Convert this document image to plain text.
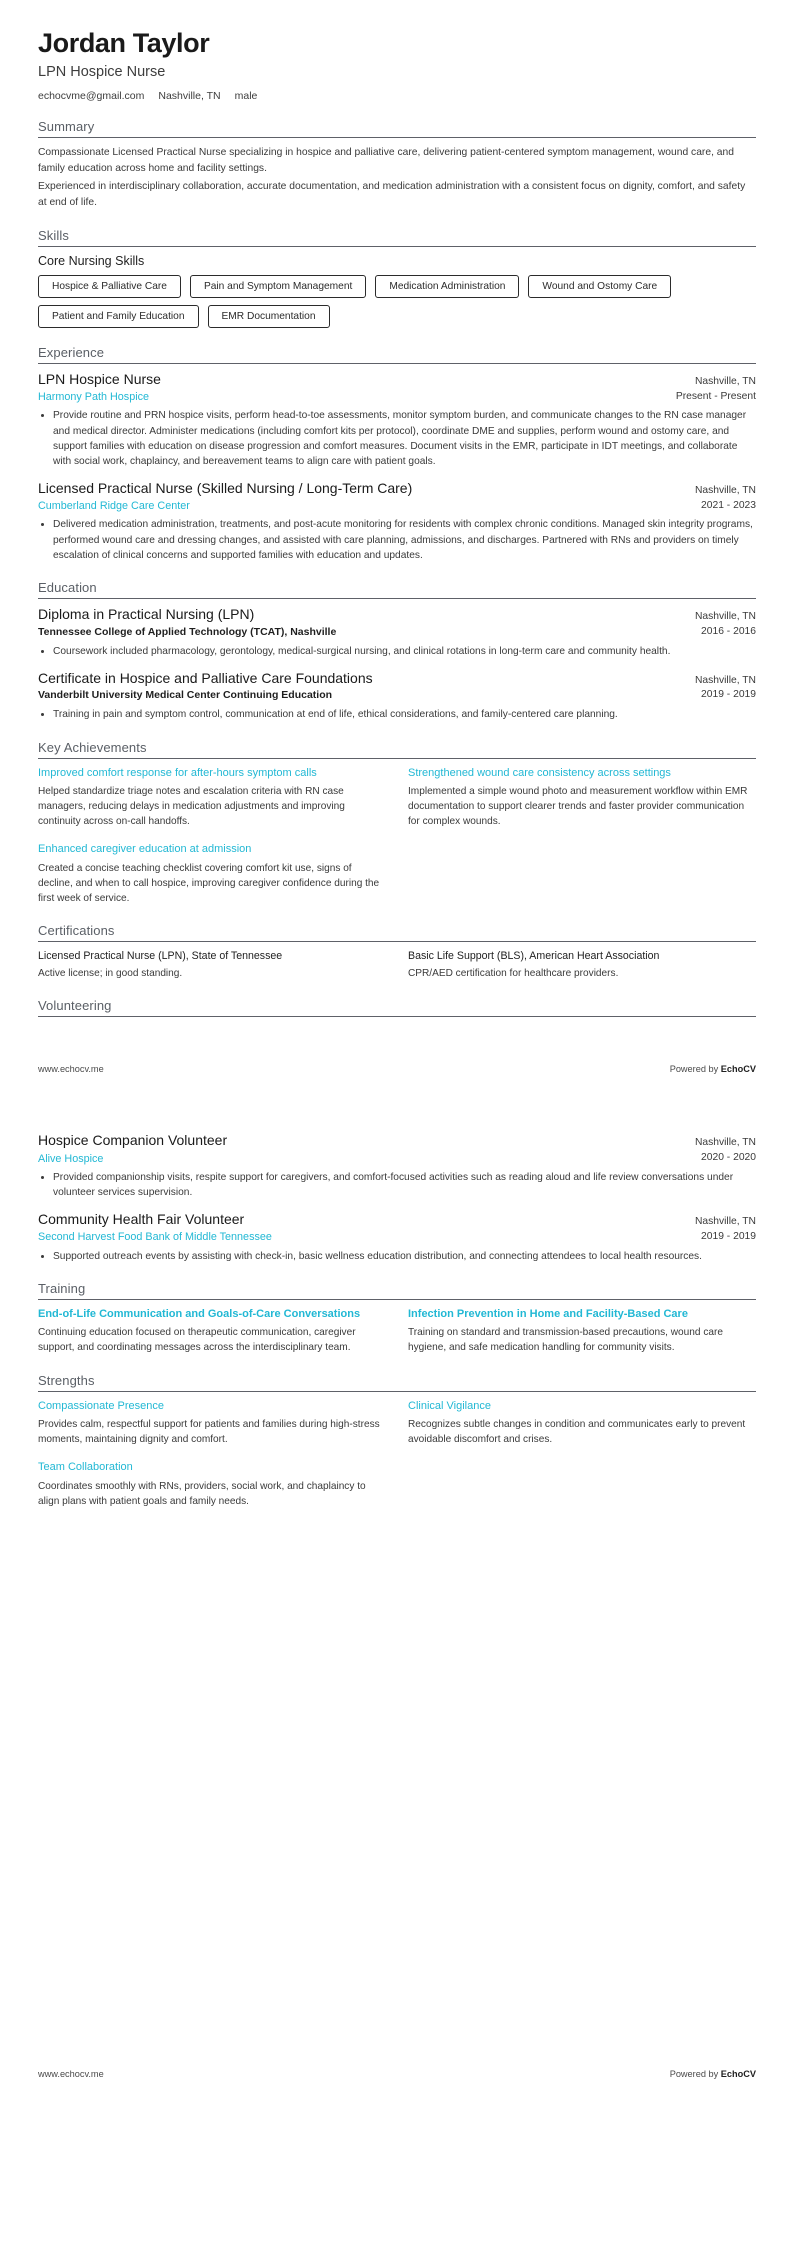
Jordan Taylor
LPN Hospice Nurse
echocvme@gmail.com Nashville, TN male
Summary

Compassionate Licensed Practical Nurse specializing in hospice and palliative care, delivering patient-centered symptom management, wound care, and family education across home and facility settings.

Experienced in interdisciplinary collaboration, accurate documentation, and medication administration with a consistent focus on dignity, comfort, and safety at end of life.

Skills
Core Nursing Skills
Hospice & Palliative Care	Pain and Symptom Management	Medication Administration	Wound and Ostomy Care
Patient and Family Education	EMR Documentation
Experience
LPN Hospice Nurse
Harmony Path Hospice
Nashville, TN
Present - Present
• Provide routine and PRN hospice visits, perform head-to-toe assessments, monitor symptom burden, and communicate changes to the RN case manager and medical director. Administer medications (including comfort kits per protocol), coordinate DME and supplies, perform wound and ostomy care, and support families with education on disease progression and comfort measures. Document visits in the EMR, participate in IDT meetings, and collaborate with social work, chaplaincy, and bereavement teams to align care with patient goals.
Licensed Practical Nurse (Skilled Nursing / Long-Term Care)
Cumberland Ridge Care Center
Nashville, TN
2021 - 2023
• Delivered medication administration, treatments, and post-acute monitoring for residents with complex chronic conditions. Managed skin integrity programs, performed wound care and dressing changes, and assisted with care planning, admissions, and discharges. Partnered with RNs and providers on timely escalation of clinical concerns and supported families with education and updates.
Education
Diploma in Practical Nursing (LPN)
Tennessee College of Applied Technology (TCAT), Nashville
Nashville, TN
2016 - 2016
• Coursework included pharmacology, gerontology, medical-surgical nursing, and clinical rotations in long-term care and community health.
Certificate in Hospice and Palliative Care Foundations
Vanderbilt University Medical Center Continuing Education
Nashville, TN
2019 - 2019
• Training in pain and symptom control, communication at end of life, ethical considerations, and family-centered care planning.
Key Achievements
Improved comfort response for after-hours symptom calls
Helped standardize triage notes and escalation criteria with RN case managers, reducing delays in medication adjustments and improving continuity across on-call handoffs.
Strengthened wound care consistency across settings
Implemented a simple wound photo and measurement workflow within EMR documentation to support clearer trends and faster provider communication for complex wounds.
Enhanced caregiver education at admission
Created a concise teaching checklist covering comfort kit use, signs of decline, and when to call hospice, improving caregiver confidence during the first week of service.
Certifications
Licensed Practical Nurse (LPN), State of Tennessee
Active license; in good standing.
Basic Life Support (BLS), American Heart Association
CPR/AED certification for healthcare providers.
Volunteering
www.echocv.me	Powered by EchoCV
Hospice Companion Volunteer
Alive Hospice
Nashville, TN
2020 - 2020
• Provided companionship visits, respite support for caregivers, and comfort-focused activities such as reading aloud and life review conversations under volunteer services supervision.
Community Health Fair Volunteer
Second Harvest Food Bank of Middle Tennessee
Nashville, TN
2019 - 2019
• Supported outreach events by assisting with check-in, basic wellness education distribution, and connecting attendees to local health resources.
Training
End-of-Life Communication and Goals-of-Care Conversations
Continuing education focused on therapeutic communication, caregiver support, and coordinating messages across the interdisciplinary team.
Infection Prevention in Home and Facility-Based Care
Training on standard and transmission-based precautions, wound care hygiene, and safe medication handling for community visits.
Strengths
Compassionate Presence
Provides calm, respectful support for patients and families during high-stress moments, maintaining dignity and comfort.
Clinical Vigilance
Recognizes subtle changes in condition and communicates early to prevent avoidable discomfort and crises.
Team Collaboration
Coordinates smoothly with RNs, providers, social work, and chaplaincy to align plans with patient goals and family needs.
www.echocv.me	Powered by EchoCV
